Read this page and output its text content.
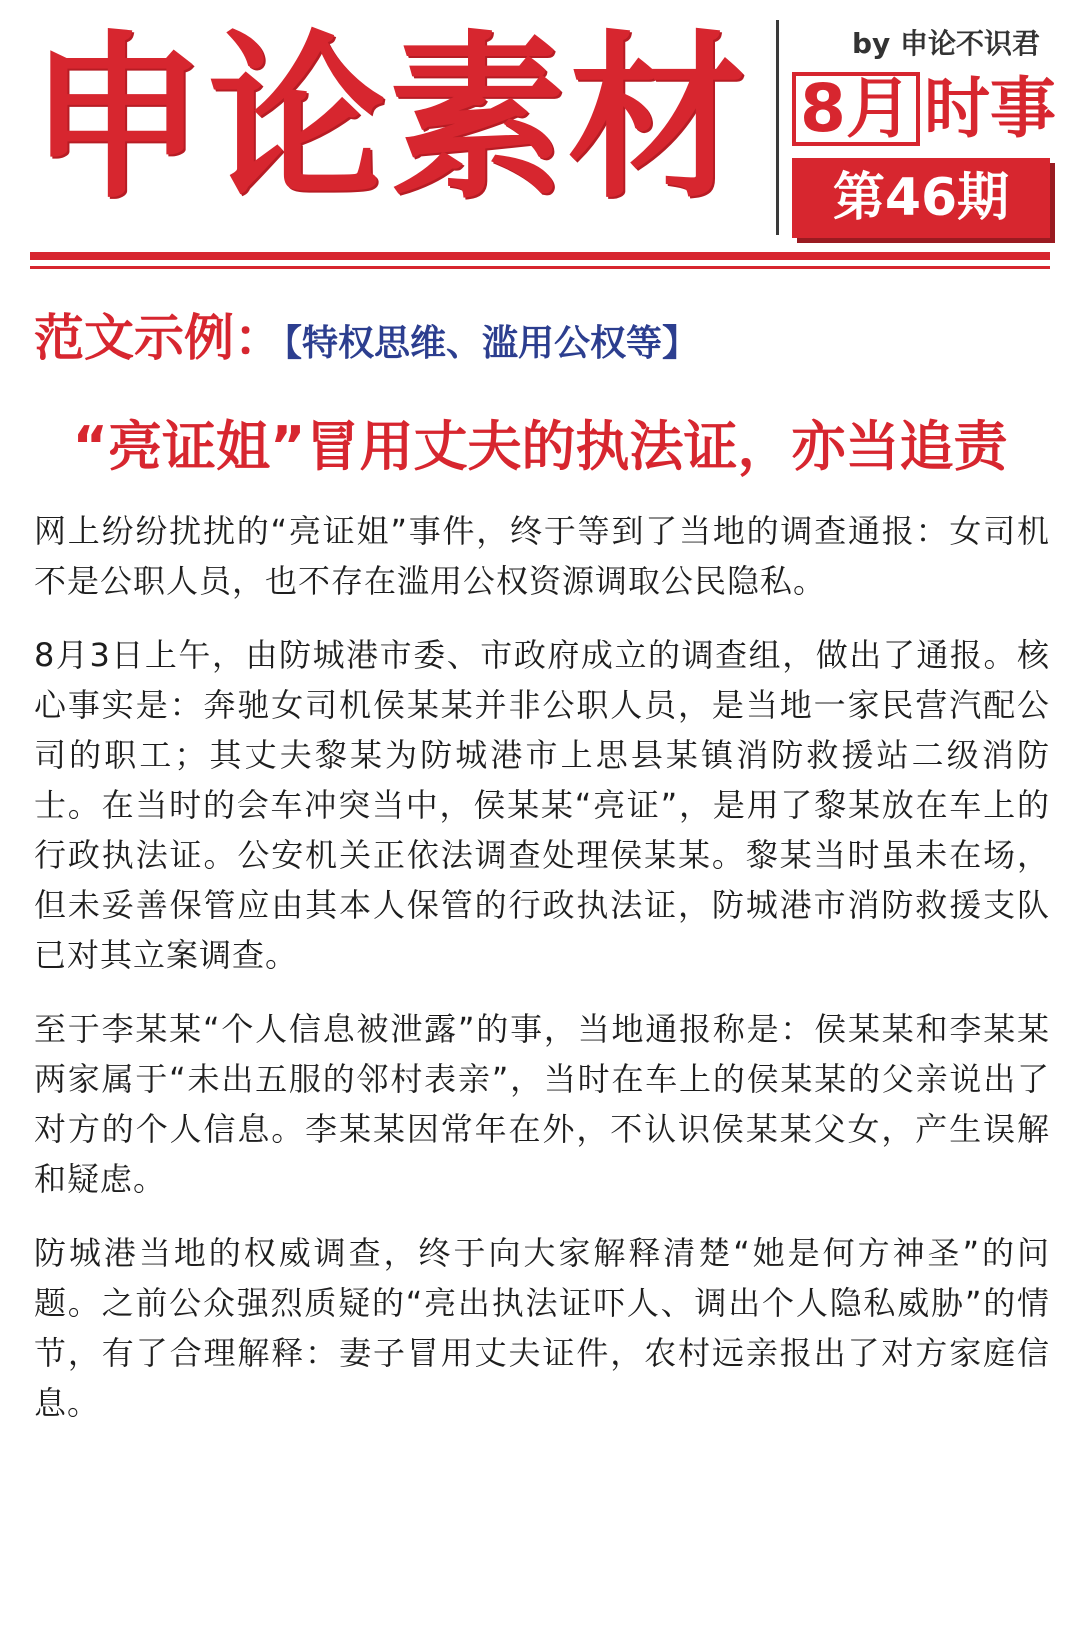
申论素材	by 申论不识君
8月 时事
第46期
范文示例：【特权思维、滥用公权等】
“亮证姐”冒用丈夫的执法证，亦当追责

网上纷纷扰扰的“亮证姐”事件，终于等到了当地的调查通报：女司机不是公职人员，也不存在滥用公权资源调取公民隐私。

8月3日上午，由防城港市委、市政府成立的调查组，做出了通报。核心事实是：奔驰女司机侯某某并非公职人员，是当地一家民营汽配公司的职工；其丈夫黎某为防城港市上思县某镇消防救援站二级消防士。在当时的会车冲突当中，侯某某“亮证”，是用了黎某放在车上的行政执法证。公安机关正依法调查处理侯某某。黎某当时虽未在场，但未妥善保管应由其本人保管的行政执法证，防城港市消防救援支队已对其立案调查。

至于李某某“个人信息被泄露”的事，当地通报称是：侯某某和李某某两家属于“未出五服的邻村表亲”，当时在车上的侯某某的父亲说出了对方的个人信息。李某某因常年在外，不认识侯某某父女，产生误解和疑虑。

防城港当地的权威调查，终于向大家解释清楚“她是何方神圣”的问题。之前公众强烈质疑的“亮出执法证吓人、调出个人隐私威胁”的情节，有了合理解释：妻子冒用丈夫证件，农村远亲报出了对方家庭信息。
